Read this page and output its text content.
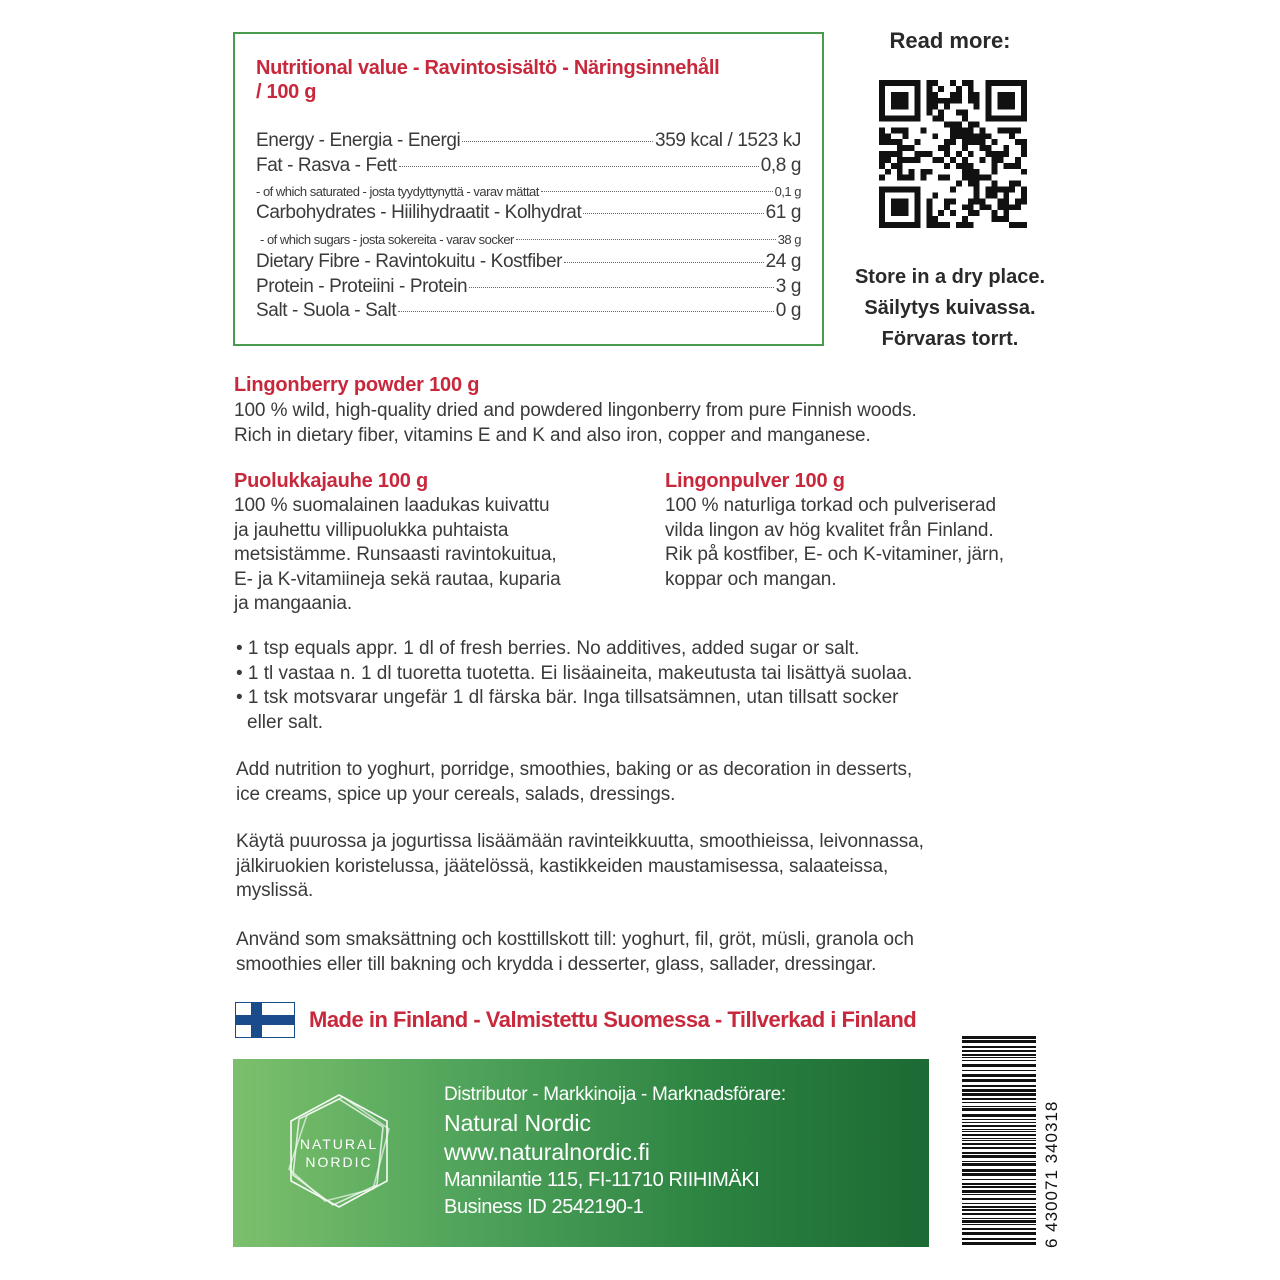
Nutritional value - Ravintosisältö - Näringsinnehåll
/ 100 g
Energy - Energia - Energi	359 kcal / 1523 kJ
Fat - Rasva - Fett	0,8 g
- of which saturated - josta tyydyttynyttä - varav mättat	0,1 g
Carbohydrates - Hiilihydraatit - Kolhydrat	61 g
- of which sugars - josta sokereita - varav socker	38 g
Dietary Fibre - Ravintokuitu - Kostfiber	24 g
Protein - Proteiini - Protein	3 g
Salt - Suola - Salt	0 g
Read more:
Store in a dry place.
Säilytys kuivassa.
Förvaras torrt.
Lingonberry powder 100 g
100 % wild, high-quality dried and powdered lingonberry from pure Finnish woods.
Rich in dietary fiber, vitamins E and K and also iron, copper and manganese.
Puolukkajauhe 100 g
100 % suomalainen laadukas kuivattu
ja jauhettu villipuolukka puhtaista
metsistämme. Runsaasti ravintokuitua,
E- ja K-vitamiineja sekä rautaa, kuparia
ja mangaania.
Lingonpulver 100 g
100 % naturliga torkad och pulveriserad
vilda lingon av hög kvalitet från Finland.
Rik på kostfiber, E- och K-vitaminer, järn,
koppar och mangan.
• 1 tsp equals appr. 1 dl of fresh berries. No additives, added sugar or salt.
• 1 tl vastaa n. 1 dl tuoretta tuotetta. Ei lisäaineita, makeutusta tai lisättyä suolaa.
• 1 tsk motsvarar ungefär 1 dl färska bär. Inga tillsatsämnen, utan tillsatt socker
eller salt.
Add nutrition to yoghurt, porridge, smoothies, baking or as decoration in desserts,
ice creams, spice up your cereals, salads, dressings.
Käytä puurossa ja jogurtissa lisäämään ravinteikkuutta, smoothieissa, leivonnassa,
jälkiruokien koristelussa, jäätelössä, kastikkeiden maustamisessa, salaateissa,
myslissä.
Använd som smaksättning och kosttillskott till: yoghurt, fil, gröt, müsli, granola och
smoothies eller till bakning och krydda i desserter, glass, sallader, dressingar.
Made in Finland - Valmistettu Suomessa - Tillverkad i Finland
NATURAL
NORDIC
Distributor - Markkinoija - Marknadsförare:
Natural Nordic
www.naturalnordic.fi
Mannilantie 115, FI-11710 RIIHIMÄKI
Business ID 2542190-1	6 430071 340318
